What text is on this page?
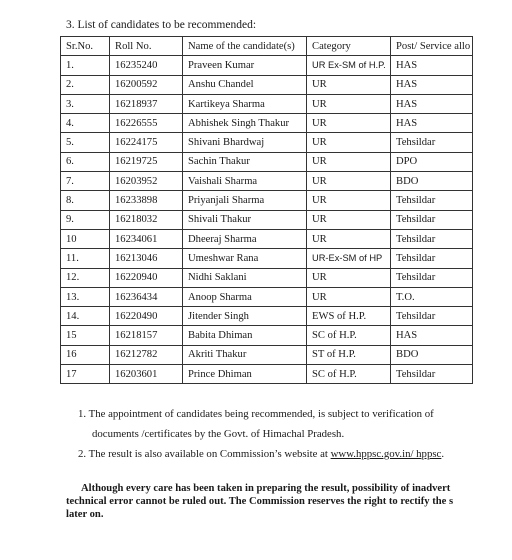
3. List of candidates to be recommended:
Sr.No.	Roll No.	Name of the candidate(s)	Category	Post/ Service allo
1.	16235240	Praveen Kumar	UR Ex-SM of H.P.	HAS
2.	16200592	Anshu Chandel	UR	HAS
3.	16218937	Kartikeya Sharma	UR	HAS
4.	16226555	Abhishek Singh Thakur	UR	HAS
5.	16224175	Shivani Bhardwaj	UR	Tehsildar
6.	16219725	Sachin Thakur	UR	DPO
7.	16203952	Vaishali Sharma	UR	BDO
8.	16233898	Priyanjali Sharma	UR	Tehsildar
9.	16218032	Shivali Thakur	UR	Tehsildar
10	16234061	Dheeraj Sharma	UR	Tehsildar
11.	16213046	Umeshwar Rana	UR-Ex-SM of HP	Tehsildar
12.	16220940	Nidhi Saklani	UR	Tehsildar
13.	16236434	Anoop Sharma	UR	T.O.
14.	16220490	Jitender Singh	EWS of H.P.	Tehsildar
15	16218157	Babita Dhiman	SC of H.P.	HAS
16	16212782	Akriti Thakur	ST of H.P.	BDO
17	16203601	Prince Dhiman	SC of H.P.	Tehsildar
1. The appointment of candidates being recommended, is subject to verification of
documents /certificates by the Govt. of Himachal Pradesh.
2. The result is also available on Commission’s website at www.hppsc.gov.in/ hppsc.
Although every care has been taken in preparing the result, possibility of inadvert
technical error cannot be ruled out. The Commission reserves the right to rectify the s
later on.
